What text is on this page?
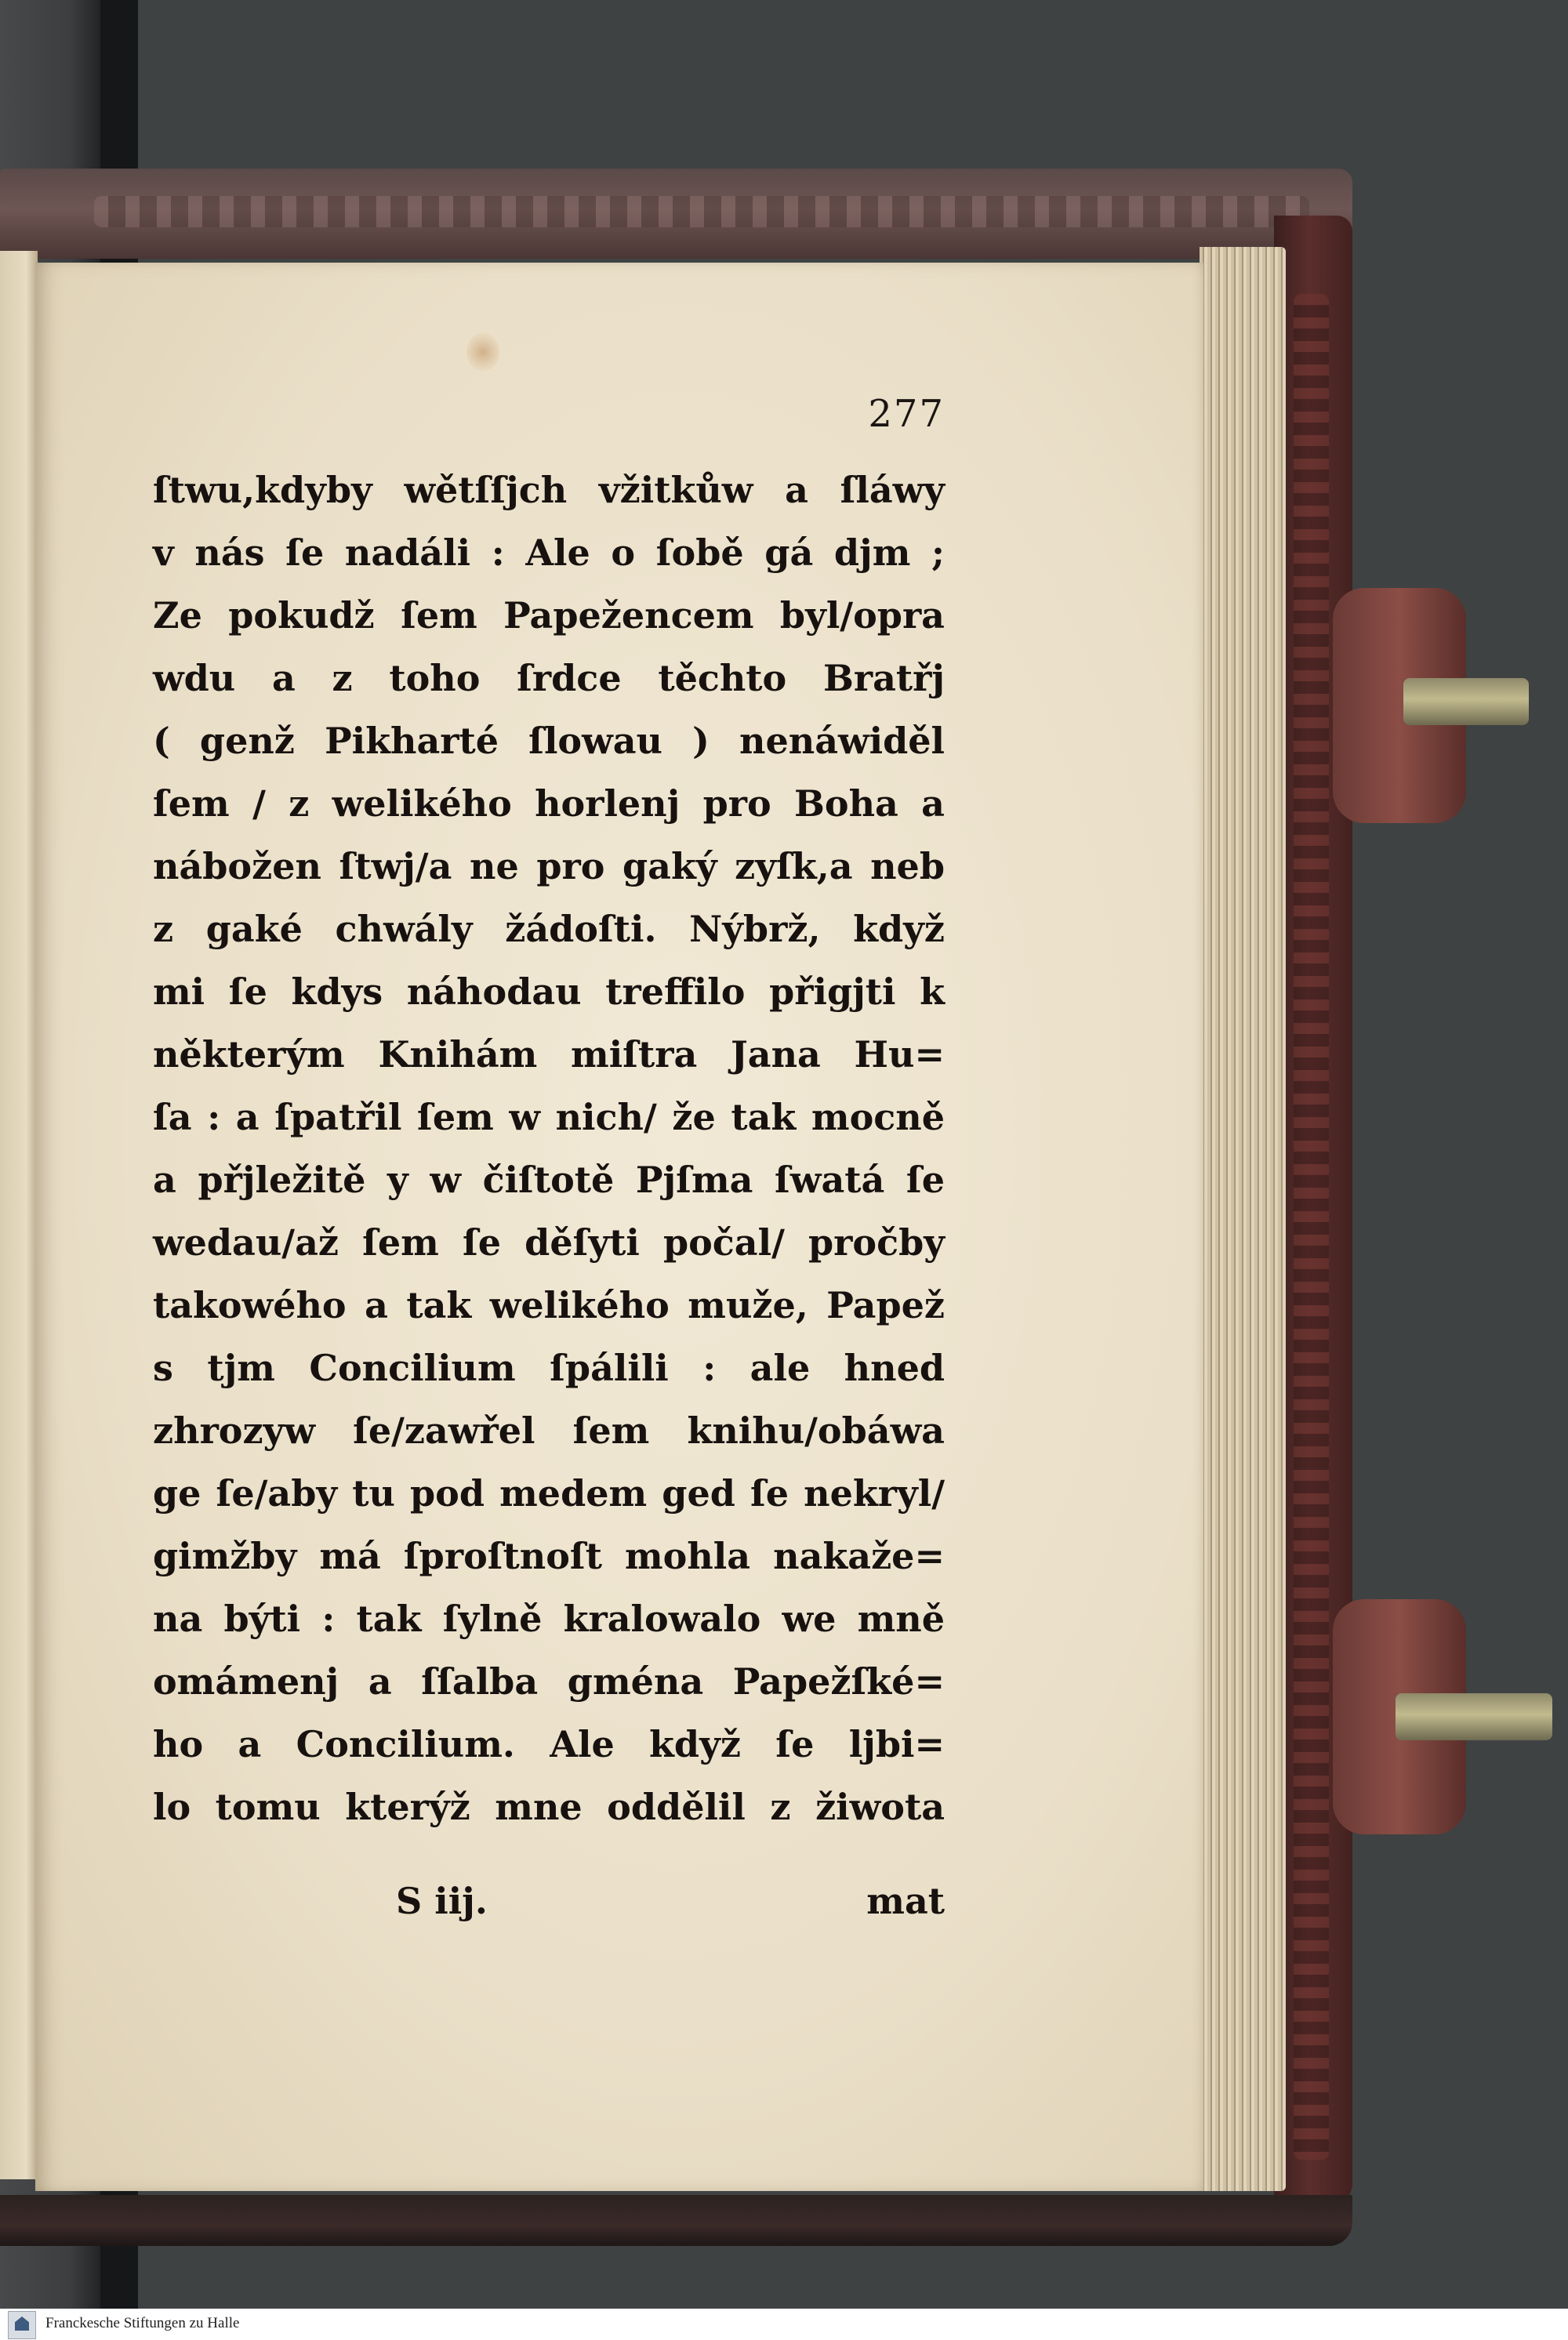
277
ſtwu,kdyby wětſſjch vžitkůw a ſláwy
v nás ſe nadáli : Ale o ſobě gá djm ;
Ze pokudž ſem Papežencem byl/opra
wdu a z toho ſrdce těchto Bratřj
( genž Pikharté ſlowau ) nenáwiděl
ſem / z welikého horlenj pro Boha a
nábožen ſtwj/a ne pro gaký zyſk,a neb
z gaké chwály žádoſti. Nýbrž, když
mi ſe kdys náhodau treffilo přigjti k
některým Knihám miſtra Jana Hu=
ſa : a ſpatřil ſem w nich/ že tak mocně
a přjležitě y w čiſtotě Pjſma ſwatá ſe
wedau/až ſem ſe děſyti počal/ pročby
takowého a tak welikého muže, Papež
s tjm Concilium ſpálili : ale hned
zhrozyw ſe/zawřel ſem knihu/obáwa
ge ſe/aby tu pod medem ged ſe nekryl/
gimžby má ſproſtnoſt mohla nakaže=
na býti : tak ſylně kralowalo we mně
omámenj a ſſalba gména Papežſké=
ho a Concilium. Ale když ſe ljbi=
lo tomu kterýž mne oddělil z žiwota
S iij.	mat
Franckesche Stiftungen zu Halle
